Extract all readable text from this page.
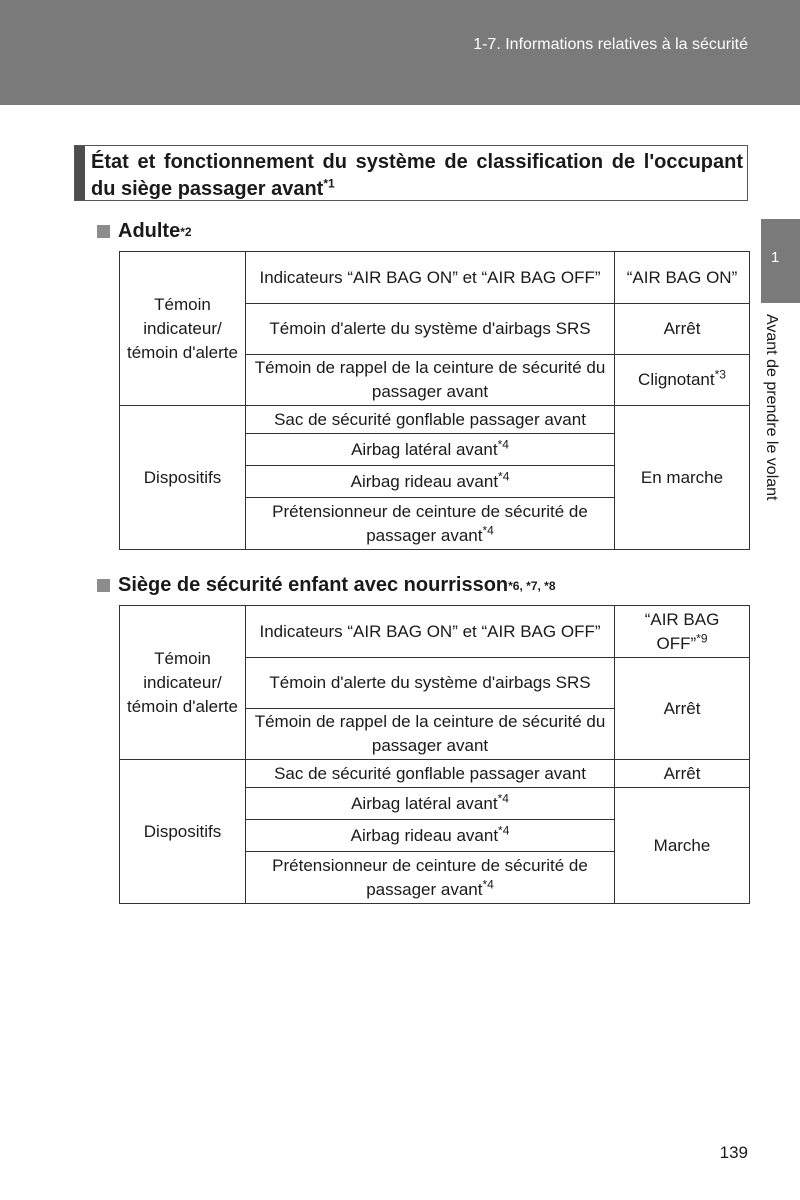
1-7. Informations relatives à la sécurité
1
Avant de prendre le volant
État et fonctionnement du système de classification de l'occupant du siège passager avant$^{*1}$
Adulte *2
Témoin indicateur/ témoin d'alerte	Indicateurs “AIR BAG ON” et “AIR BAG OFF”	“AIR BAG ON”
	Témoin d'alerte du système d'airbags SRS	Arrêt
	Témoin de rappel de la ceinture de sécurité du passager avant	Clignotant$^{*3}$
Dispositifs	Sac de sécurité gonflable passager avant	En marche
	Airbag latéral avant$^{*4}$
	Airbag rideau avant$^{*4}$
	Prétensionneur de ceinture de sécurité de passager avant$^{*4}$
Siège de sécurité enfant avec nourrisson *6, *7, *8
Témoin indicateur/ témoin d'alerte	Indicateurs “AIR BAG ON” et “AIR BAG OFF”	“AIR BAG OFF”$^{*9}$
	Témoin d'alerte du système d'airbags SRS	Arrêt
	Témoin de rappel de la ceinture de sécurité du passager avant	
Dispositifs	Sac de sécurité gonflable passager avant	Arrêt
	Airbag latéral avant$^{*4}$	Marche
	Airbag rideau avant$^{*4}$
	Prétensionneur de ceinture de sécurité de passager avant$^{*4}$
139
